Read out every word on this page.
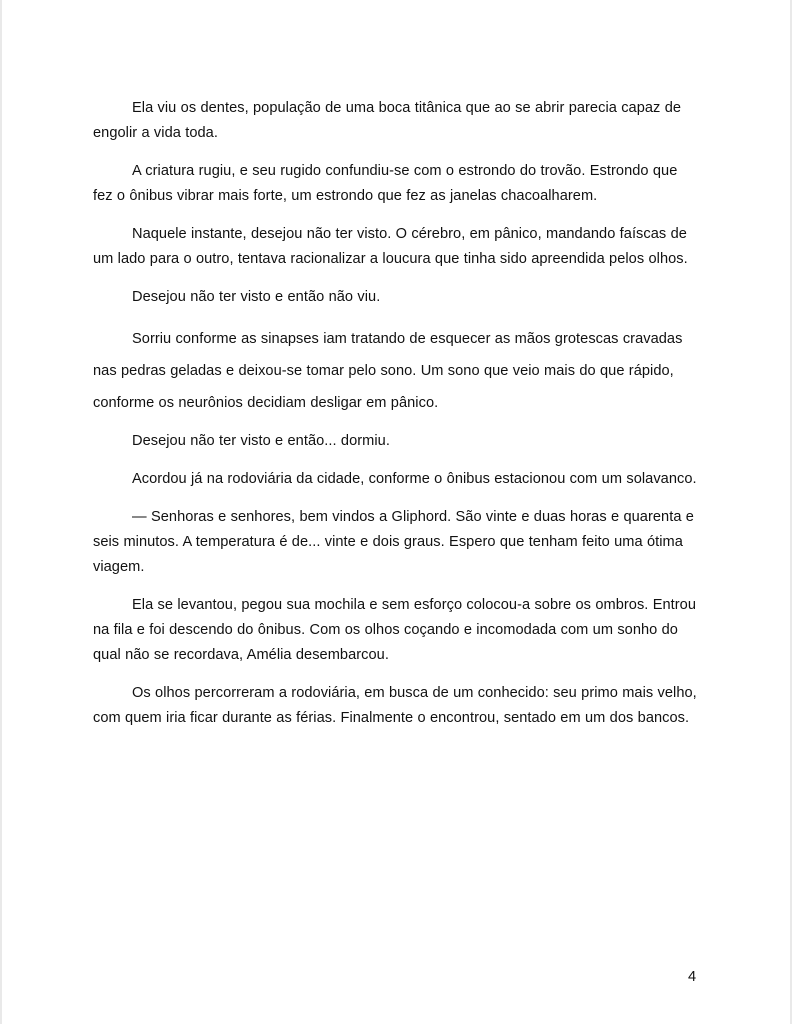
Ela viu os dentes, população de uma boca titânica que ao se abrir parecia capaz de engolir a vida toda.

A criatura rugiu, e seu rugido confundiu-se com o estrondo do trovão. Estrondo que fez o ônibus vibrar mais forte, um estrondo que fez as janelas chacoalharem.

Naquele instante, desejou não ter visto. O cérebro, em pânico, mandando faíscas de um lado para o outro, tentava racionalizar a loucura que tinha sido apreendida pelos olhos.

Desejou não ter visto e então não viu.

Sorriu conforme as sinapses iam tratando de esquecer as mãos grotescas cravadas nas pedras geladas e deixou-se tomar pelo sono. Um sono que veio mais do que rápido, conforme os neurônios decidiam desligar em pânico.

Desejou não ter visto e então... dormiu.

Acordou já na rodoviária da cidade, conforme o ônibus estacionou com um solavanco.

— Senhoras e senhores, bem vindos a Gliphord. São vinte e duas horas e quarenta e seis minutos. A temperatura é de... vinte e dois graus. Espero que tenham feito uma ótima viagem.

Ela se levantou, pegou sua mochila e sem esforço colocou-a sobre os ombros. Entrou na fila e foi descendo do ônibus. Com os olhos coçando e incomodada com um sonho do qual não se recordava, Amélia desembarcou.

Os olhos percorreram a rodoviária, em busca de um conhecido: seu primo mais velho, com quem iria ficar durante as férias. Finalmente o encontrou, sentado em um dos bancos.

4
